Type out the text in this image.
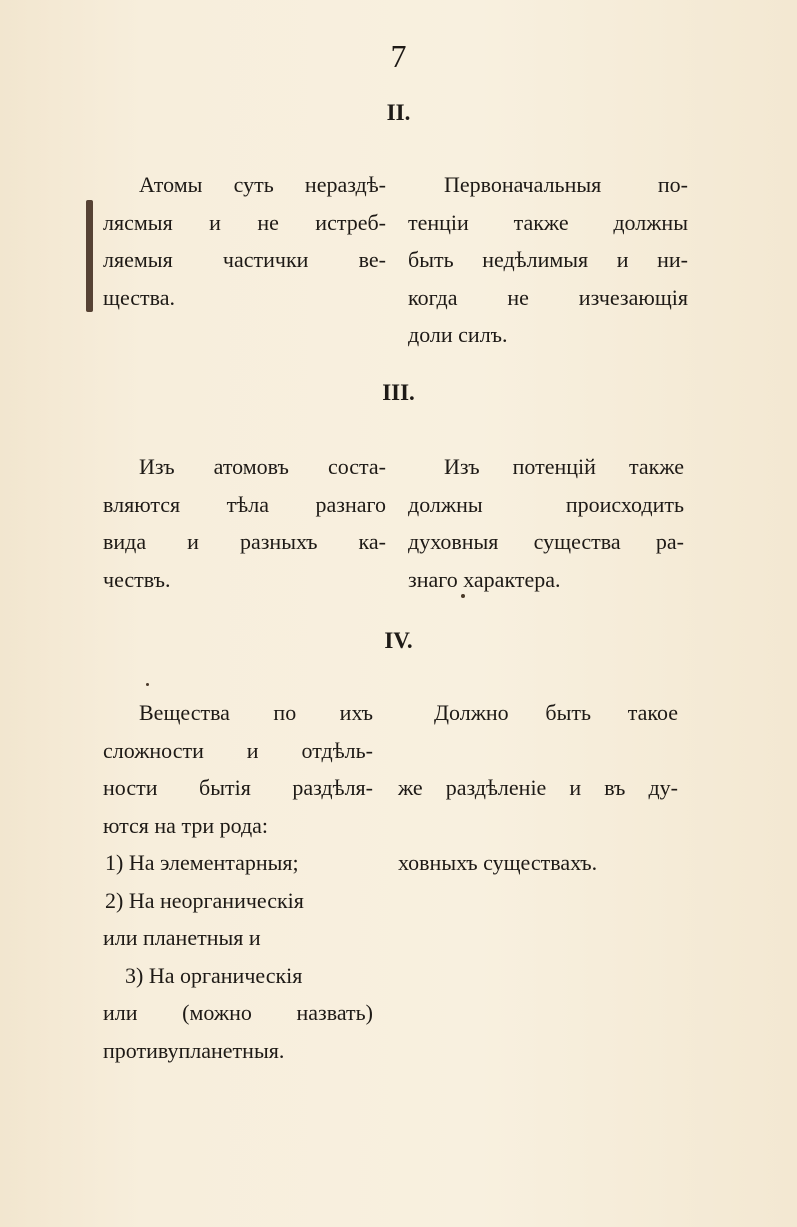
7
II.
Атомы суть нераздѣ-
лясмыя и не истреб-
ляемыя частички ве-
щества.
Первоначальныя по-
тенціи также должны
быть недѣлимыя и ни-
когда не изчезающія
доли силъ.
III.
Изъ атомовъ соста-
вляются тѣла разнаго
вида и разныхъ ка-
чествъ.
Изъ потенцій также
должны происходить
духовныя существа ра-
знаго характера.
IV.
Вещества по ихъ
сложности и отдѣль-
ности бытія раздѣля-
ются на три рода:
1) На элементарныя;
2) На неорганическія
или планетныя и
3) На органическія
или (можно назвать)
противупланетныя.
Должно быть такое
же раздѣленіе и въ ду-
ховныхъ существахъ.
